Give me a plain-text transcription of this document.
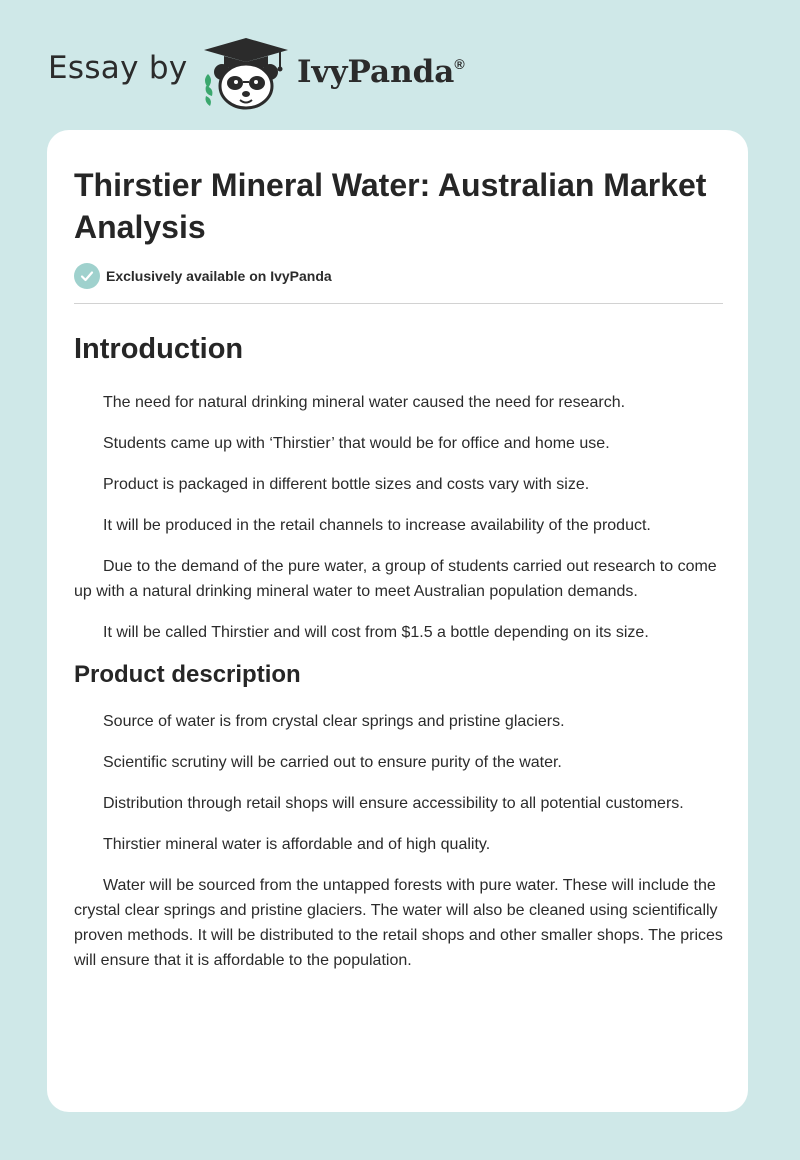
Essay by	IvyPanda®
Thirstier Mineral Water: Australian Market Analysis
Exclusively available on IvyPanda
Introduction

The need for natural drinking mineral water caused the need for research.

Students came up with ‘Thirstier’ that would be for office and home use.

Product is packaged in different bottle sizes and costs vary with size.

It will be produced in the retail channels to increase availability of the product.

Due to the demand of the pure water, a group of students carried out research to come up with a natural drinking mineral water to meet Australian population demands.

It will be called Thirstier and will cost from $1.5 a bottle depending on its size.

Product description

Source of water is from crystal clear springs and pristine glaciers.

Scientific scrutiny will be carried out to ensure purity of the water.

Distribution through retail shops will ensure accessibility to all potential customers.

Thirstier mineral water is affordable and of high quality.

Water will be sourced from the untapped forests with pure water. These will include the crystal clear springs and pristine glaciers. The water will also be cleaned using scientifically proven methods. It will be distributed to the retail shops and other smaller shops. The prices will ensure that it is affordable to the population.
